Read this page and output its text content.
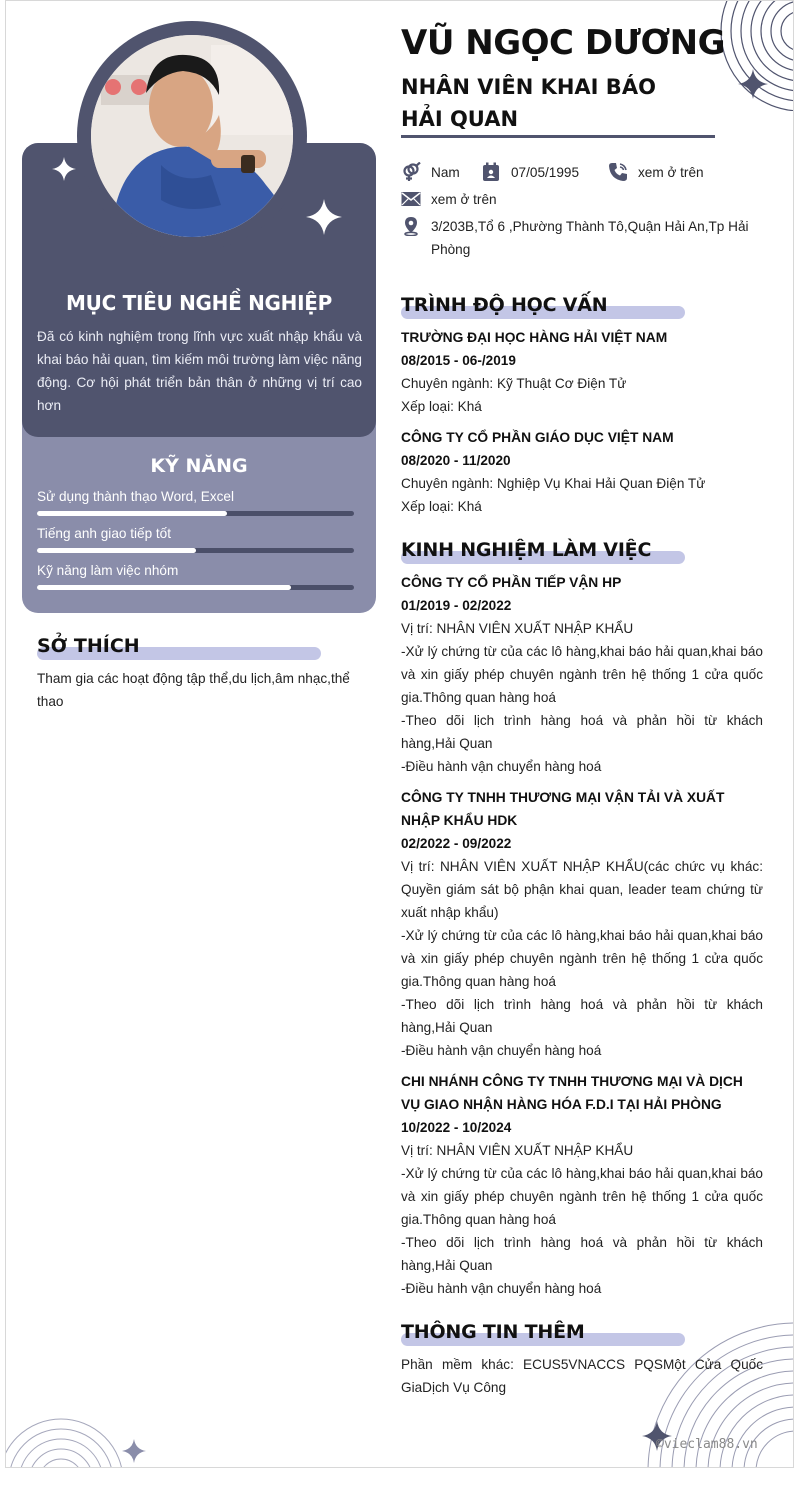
Sử dụng thành thạo Word, Excel
Tiếng anh giao tiếp tốt
Kỹ năng làm việc nhóm
MỤC TIÊU NGHỀ NGHIỆP
Đã có kinh nghiệm trong lĩnh vực xuất nhập khẩu và khai báo hải quan, tìm kiếm môi trường làm việc năng động. Cơ hội phát triển bản thân ở những vị trí cao hơn
KỸ NĂNG
SỞ THÍCH
Tham gia các hoạt động tập thể,du lịch,âm nhạc,thể thao
VŨ NGỌC DƯƠNG
NHÂN VIÊN KHAI BÁO
HẢI QUAN
Nam	07/05/1995	xem ở trên
xem ở trên
3/203B,Tổ 6 ,Phường Thành Tô,Quận Hải An,Tp Hải Phòng
TRÌNH ĐỘ HỌC VẤN
TRƯỜNG ĐẠI HỌC HÀNG HẢI VIỆT NAM
08/2015 - 06-/2019
Chuyên ngành: Kỹ Thuật Cơ Điện Tử
Xếp loại: Khá
CÔNG TY CỔ PHẦN GIÁO DỤC VIỆT NAM
08/2020 - 11/2020
Chuyên ngành: Nghiệp Vụ Khai Hải Quan Điện Tử
Xếp loại: Khá
KINH NGHIỆM LÀM VIỆC
CÔNG TY CỔ PHẦN TIẾP VẬN HP
01/2019 - 02/2022

Vị trí: NHÂN VIÊN XUẤT NHẬP KHẨU

-Xử lý chứng từ của các lô hàng,khai báo hải quan,khai báo và xin giấy phép chuyên ngành trên hệ thống 1 cửa quốc gia.Thông quan hàng hoá

-Theo dõi lịch trình hàng hoá và phản hồi từ khách hàng,Hải Quan

-Điều hành vận chuyển hàng hoá

CÔNG TY TNHH THƯƠNG MẠI VẬN TẢI VÀ XUẤT NHẬP KHẨU HDK
02/2022 - 09/2022

Vị trí: NHÂN VIÊN XUẤT NHẬP KHẨU(các chức vụ khác: Quyền giám sát bộ phận khai quan, leader team chứng từ xuất nhập khẩu)

-Xử lý chứng từ của các lô hàng,khai báo hải quan,khai báo và xin giấy phép chuyên ngành trên hệ thống 1 cửa quốc gia.Thông quan hàng hoá

-Theo dõi lịch trình hàng hoá và phản hồi từ khách hàng,Hải Quan

-Điều hành vận chuyển hàng hoá

CHI NHÁNH CÔNG TY TNHH THƯƠNG MẠI VÀ DỊCH VỤ GIAO NHẬN HÀNG HÓA F.D.I TẠI HẢI PHÒNG
10/2022 - 10/2024

Vị trí: NHÂN VIÊN XUẤT NHẬP KHẨU

-Xử lý chứng từ của các lô hàng,khai báo hải quan,khai báo và xin giấy phép chuyên ngành trên hệ thống 1 cửa quốc gia.Thông quan hàng hoá

-Theo dõi lịch trình hàng hoá và phản hồi từ khách hàng,Hải Quan

-Điều hành vận chuyển hàng hoá

THÔNG TIN THÊM

Phần mềm khác: ECUS5VNACCS PQSMột Cửa Quốc GiaDịch Vụ Công

©vieclam88.vn
